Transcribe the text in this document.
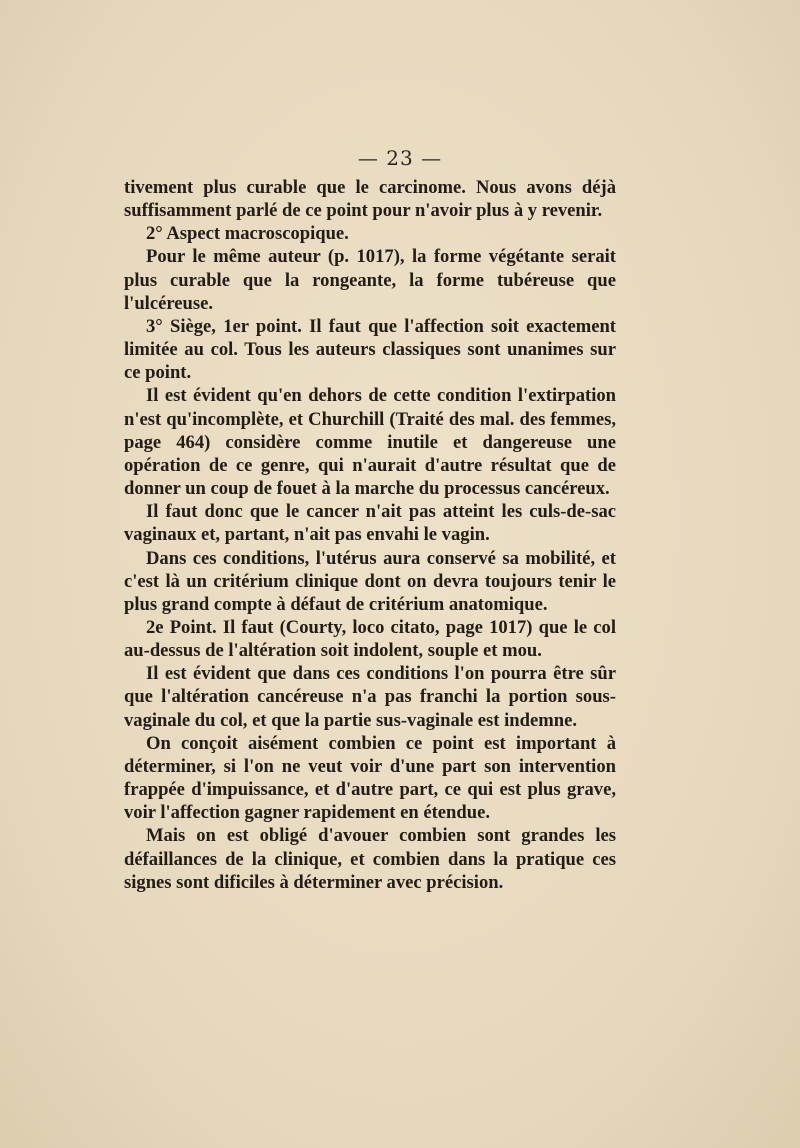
— 23 —

tivement plus curable que le carcinome. Nous avons déjà suffisamment parlé de ce point pour n'avoir plus à y revenir.

2° Aspect macroscopique.

Pour le même auteur (p. 1017), la forme végétante serait plus curable que la rongeante, la forme tubéreuse que l'ulcéreuse.

3° Siège, 1er point. Il faut que l'affection soit exactement limitée au col. Tous les auteurs classiques sont unanimes sur ce point.

Il est évident qu'en dehors de cette condition l'extirpation n'est qu'incomplète, et Churchill (Traité des mal. des femmes, page 464) considère comme inutile et dangereuse une opération de ce genre, qui n'aurait d'autre résultat que de donner un coup de fouet à la marche du processus cancéreux.

Il faut donc que le cancer n'ait pas atteint les culs-de-sac vaginaux et, partant, n'ait pas envahi le vagin.

Dans ces conditions, l'utérus aura conservé sa mobilité, et c'est là un critérium clinique dont on devra toujours tenir le plus grand compte à défaut de critérium anatomique.

2e Point. Il faut (Courty, loco citato, page 1017) que le col au-dessus de l'altération soit indolent, souple et mou.

Il est évident que dans ces conditions l'on pourra être sûr que l'altération cancéreuse n'a pas franchi la portion sous-vaginale du col, et que la partie sus-vaginale est indemne.

On conçoit aisément combien ce point est important à déterminer, si l'on ne veut voir d'une part son intervention frappée d'impuissance, et d'autre part, ce qui est plus grave, voir l'affection gagner rapidement en étendue.

Mais on est obligé d'avouer combien sont grandes les défaillances de la clinique, et combien dans la pratique ces signes sont dificiles à déterminer avec précision.
